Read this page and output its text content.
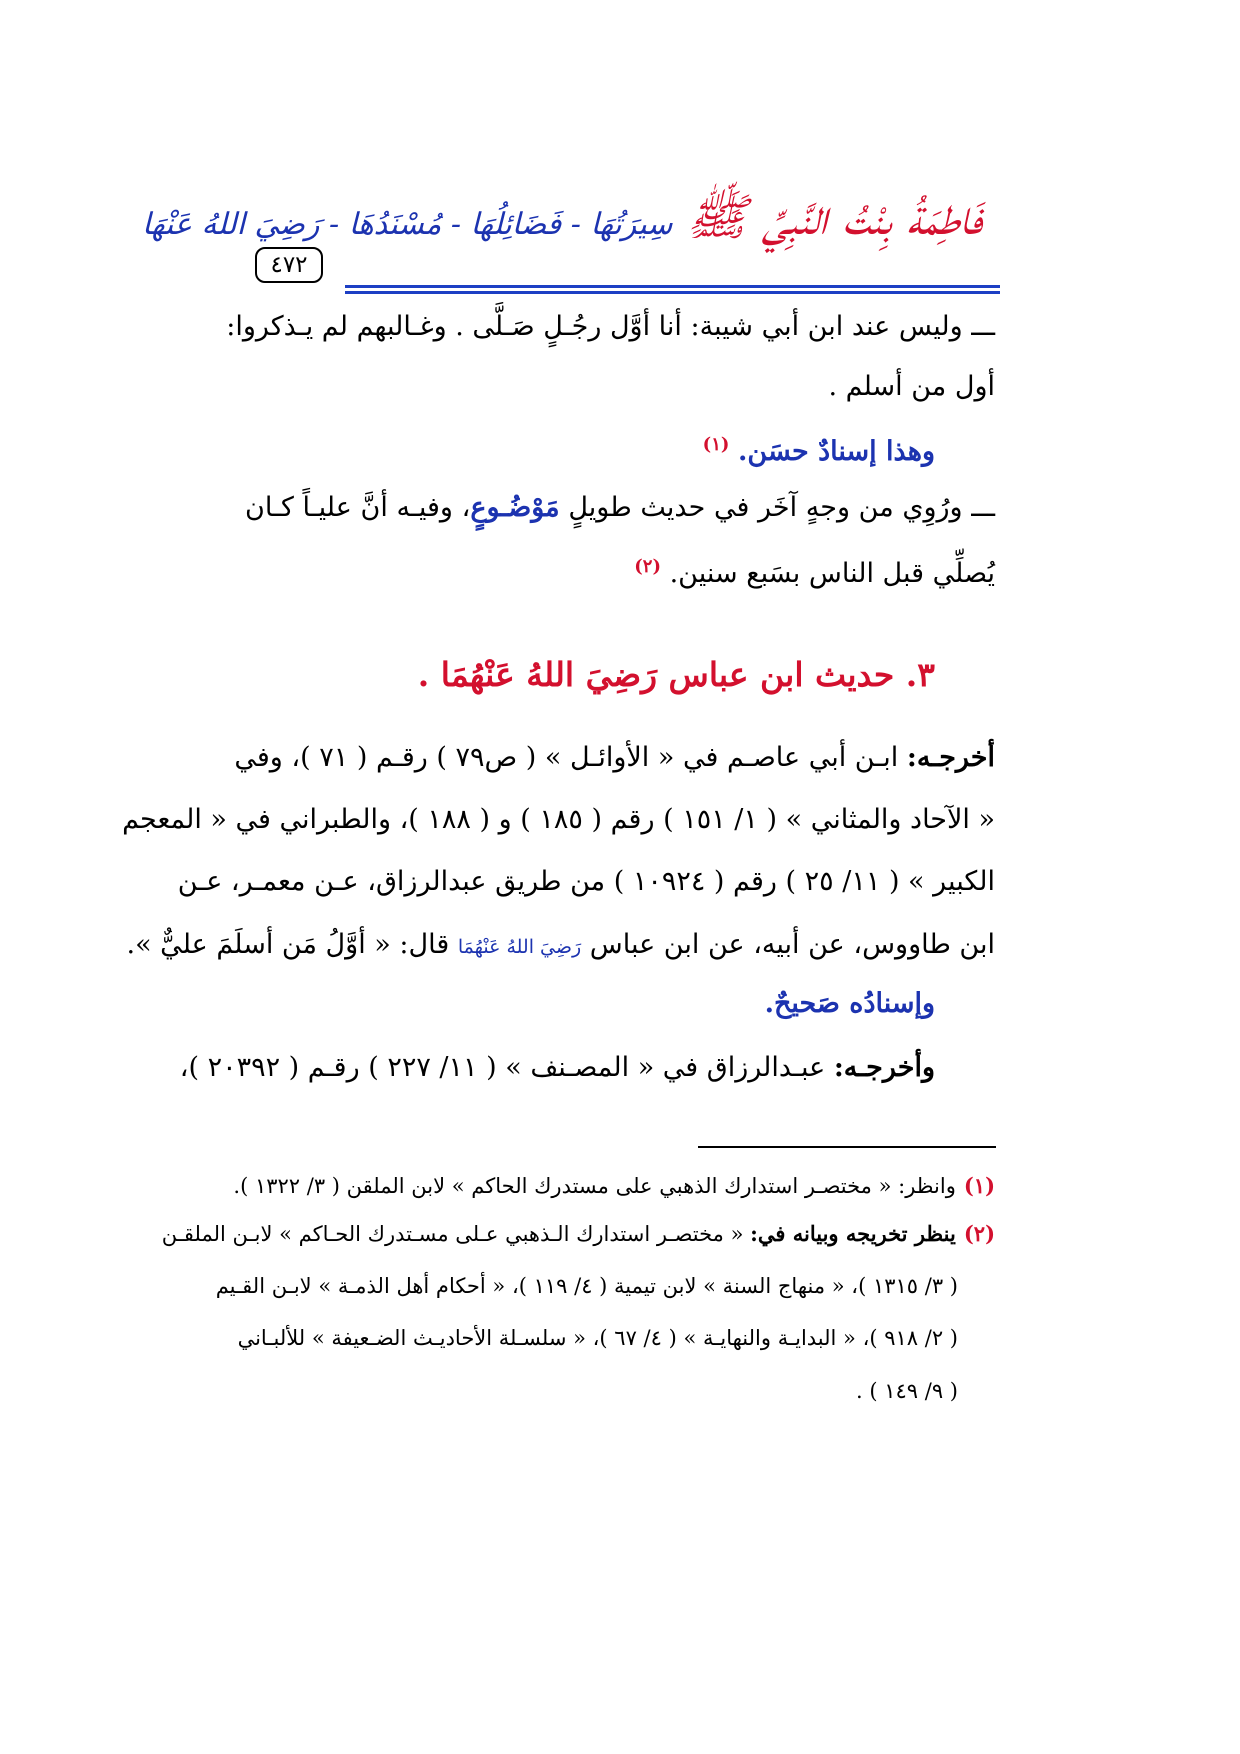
٤٧٢
فَاطِمَةُ بِنْتُ النَّبِيِّ ﷺ
سِيرَتُهَا - فَضَائِلُهَا - مُسْنَدُهَا - رَضِيَ اللهُ عَنْهَا

ـــ وليس عند ابن أبي شيبة: أنا أوَّل رجُـلٍ صَـلَّى . وغـالبهم لم يـذكروا:

أول من أسلم .

وهذا إسنادٌ حسَن. $^{(١)}$

ـــ ورُوِي من وجهٍ آخَر في حديث طويلٍ مَوْضُـوعٍ، وفيـه أنَّ عليـاً كـان

يُصلِّي قبل الناس بسَبع سنين. $^{(٢)}$

٣. حديث ابن عباس رَضِيَ اللهُ عَنْهُمَا .

أخرجـه: ابـن أبي عاصـم في « الأوائـل » ( ص٧٩ ) رقـم ( ٧١ )، وفي

« الآحاد والمثاني » ( ١/ ١٥١ ) رقم ( ١٨٥ ) و ( ١٨٨ )، والطبراني في « المعجم

الكبير » ( ١١/ ٢٥ ) رقم ( ١٠٩٢٤ ) من طريق عبدالرزاق، عـن معمـر، عـن

ابن طاووس، عن أبيه، عن ابن عباس رَضِيَ اللهُ عَنْهُمَا قال: « أوَّلُ مَن أسلَمَ عليٌّ ».

وإسنادُه صَحيحٌ.

وأخرجـه: عبـدالرزاق في « المصـنف » ( ١١/ ٢٢٧ ) رقـم ( ٢٠٣٩٢ )،

(١)وانظر: « مختصـر استدارك الذهبي على مستدرك الحاكم » لابن الملقن ( ٣/ ١٣٢٢ ).

(٢)ينظر تخريجه وبيانه في: « مختصـر استدارك الـذهبي عـلى مسـتدرك الحـاكم » لابـن الملقـن

( ٣/ ١٣١٥ )، « منهاج السنة » لابن تيمية ( ٤/ ١١٩ )، « أحكام أهل الذمـة » لابـن القـيم

( ٢/ ٩١٨ )، « البدايـة والنهايـة » ( ٤/ ٦٧ )، « سلسـلة الأحاديـث الضـعيفة » للألبـاني

( ٩/ ١٤٩ ) .
